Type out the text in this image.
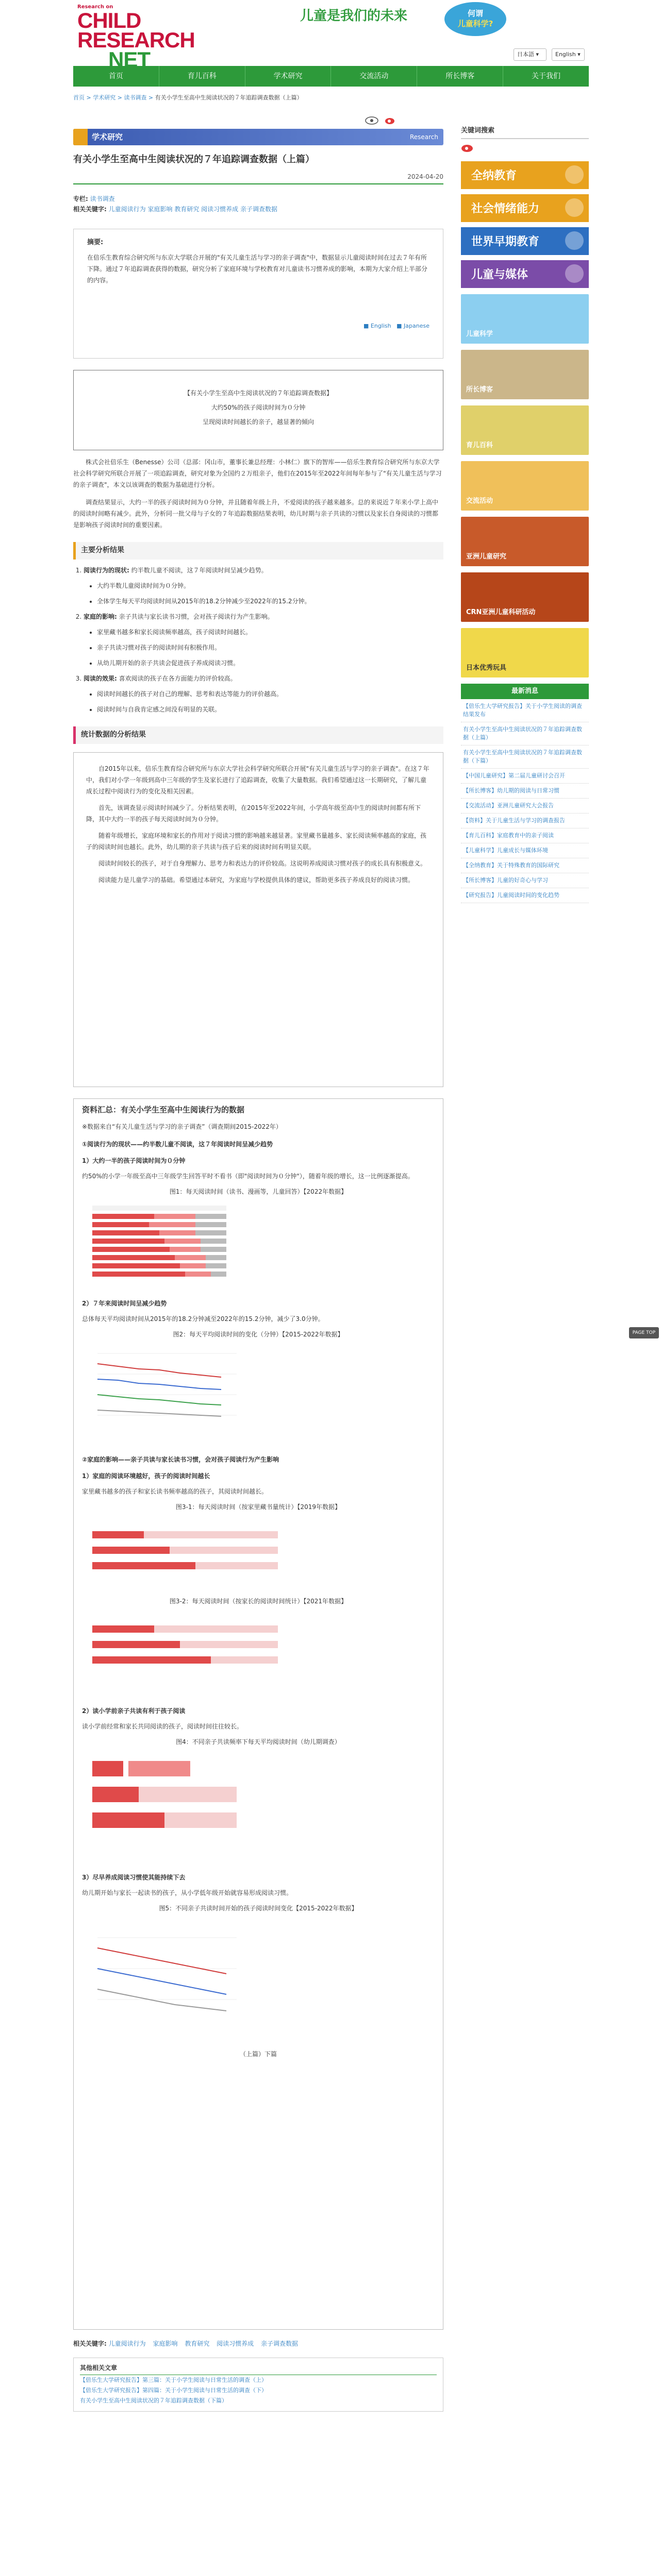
Research on
CHILD
RESEARCH
NET
儿童是我们的未来	何谓
儿童科学?
日本語 ▾	English ▾
首页	育儿百科	学术研究	交流活动	所长博客	关于我们
首页 > 学术研究 > 读书调查 > 有关小学生至高中生阅读状况的７年追踪调查数据（上篇）
学术研究	Research
有关小学生至高中生阅读状况的７年追踪调查数据（上篇）
2024-04-20
专栏: 读书调查
相关关键字: 儿童阅读行为 家庭影响 教育研究 阅读习惯养成 亲子调查数据
摘要:

在倍乐生教育综合研究所与东京大学联合开展的"有关儿童生活与学习的亲子调查"中，数据显示儿童阅读时间在过去７年有所下降。通过７年追踪调查获得的数据，研究分析了家庭环境与学校教育对儿童读书习惯养成的影响，本期为大家介绍上半部分的内容。

■ English ■ Japanese
【有关小学生至高中生阅读状况的７年追踪调查数据】
大约50%的孩子阅读时间为０分钟
呈现阅读时间越长的亲子，越显著的倾向

株式会社倍乐生（Benesse）公司（总部：冈山市，董事长兼总经理：小林仁）旗下的智库——倍乐生教育综合研究所与东京大学社会科学研究所联合开展了一项追踪调查，研究对象为全国约２万组亲子，他们在2015年至2022年间每年参与了"有关儿童生活与学习的亲子调查"，本文以该调查的数据为基础进行分析。

调查结果显示，大约一半的孩子阅读时间为０分钟，并且随着年级上升，不爱阅读的孩子越来越多。总的来说近７年来小学上高中的阅读时间略有减少。此外，分析同一批父母与子女的７年追踪数据结果表明，幼儿时期与亲子共读的习惯以及家长自身阅读的习惯都是影响孩子阅读时间的重要因素。

主要分析结果
1. 阅读行为的现状: 约半数儿童不阅读，这７年阅读时间呈减少趋势。
• 大约半数儿童阅读时间为０分钟。
• 全体学生每天平均阅读时间从2015年的18.2分钟减少至2022年的15.2分钟。
2. 家庭的影响: 亲子共读与家长读书习惯，会对孩子阅读行为产生影响。
• 家里藏书越多和家长阅读频率越高，孩子阅读时间越长。
• 亲子共读习惯对孩子的阅读时间有积极作用。
• 从幼儿期开始的亲子共读会促进孩子养成阅读习惯。
3. 阅读的效果: 喜欢阅读的孩子在各方面能力的评价较高。
• 阅读时间越长的孩子对自己的理解、思考和表达等能力的评价越高。
• 阅读时间与自我肯定感之间没有明显的关联。
统计数据的分析结果

自2015年以来，倍乐生教育综合研究所与东京大学社会科学研究所联合开展"有关儿童生活与学习的亲子调查"。在这７年中，我们对小学一年级到高中三年级的学生及家长进行了追踪调查，收集了大量数据。我们希望通过这一长期研究，了解儿童成长过程中阅读行为的变化及相关因素。

首先，该调查显示阅读时间减少了。分析结果表明，在2015年至2022年间，小学高年级至高中生的阅读时间都有所下降，其中大约一半的孩子每天阅读时间为０分钟。

随着年级增长，家庭环境和家长的作用对于阅读习惯的影响越来越显著。家里藏书量越多、家长阅读频率越高的家庭，孩子的阅读时间也越长。此外，幼儿期的亲子共读与孩子后来的阅读时间有明显关联。

阅读时间较长的孩子，对于自身理解力、思考力和表达力的评价较高。这说明养成阅读习惯对孩子的成长具有积极意义。

阅读能力是儿童学习的基础。希望通过本研究，为家庭与学校提供具体的建议，帮助更多孩子养成良好的阅读习惯。

资料汇总：有关小学生至高中生阅读行为的数据
※数据来自“有关儿童生活与学习的亲子调查”（调查期间2015-2022年）
①阅读行为的现状——约半数儿童不阅读，这７年阅读时间呈减少趋势
1）大约一半的孩子阅读时间为０分钟
约50%的小学一年级至高中三年级学生回答平时不看书（即"阅读时间为０分钟"），随着年级的增长，这一比例逐渐提高。
图1：每天阅读时间（读书、漫画等，儿童回答）【2022年数据】
2）７年来阅读时间呈减少趋势
总体每天平均阅读时间从2015年的18.2分钟减至2022年的15.2分钟，减少了3.0分钟。
图2：每天平均阅读时间的变化（分钟）【2015-2022年数据】
②家庭的影响——亲子共读与家长读书习惯，会对孩子阅读行为产生影响
1）家庭的阅读环境越好，孩子的阅读时间越长
家里藏书越多的孩子和家长读书频率越高的孩子，其阅读时间越长。
图3-1：每天阅读时间（按家里藏书量统计）【2019年数据】
图3-2：每天阅读时间（按家长的阅读时间统计）【2021年数据】
2）读小学前亲子共读有利于孩子阅读
读小学前经常和家长共同阅读的孩子，阅读时间往往较长。
图4：不同亲子共读频率下每天平均阅读时间（幼儿期调查）
3）尽早养成阅读习惯使其能持续下去
幼儿期开始与家长一起读书的孩子，从小学低年级开始就容易形成阅读习惯。
图5：不同亲子共读时间开始的孩子阅读时间变化【2015-2022年数据】
（上篇）下篇
相关关键字: 儿童阅读行为 家庭影响 教育研究 阅读习惯养成 亲子调查数据
其他相关文章
【倍乐生大学研究报告】第三篇：关于小学生阅读与日常生活的调查（上）
【倍乐生大学研究报告】第四篇：关于小学生阅读与日常生活的调查（下）
有关小学生至高中生阅读状况的７年追踪调查数据（下篇）
关键词搜索
全纳教育
社会情绪能力
世界早期教育
儿童与媒体
儿童科学
所长博客
育儿百科
交流活动
亚洲儿童研究
CRN亚洲儿童科研活动
日本优秀玩具
最新消息
【倍乐生大学研究报告】关于小学生阅读的调查结果发布
有关小学生至高中生阅读状况的７年追踪调查数据（上篇）
有关小学生至高中生阅读状况的７年追踪调查数据（下篇）
【中国儿童研究】第二届儿童研讨会召开
【所长博客】幼儿期的阅读与日常习惯
【交流活动】亚洲儿童研究大会报告
【资料】关于儿童生活与学习的调查报告
【育儿百科】家庭教育中的亲子阅读
【儿童科学】儿童成长与媒体环境
【全纳教育】关于特殊教育的国际研究
【所长博客】儿童的好奇心与学习
【研究报告】儿童阅读时间的变化趋势
PAGE TOP
